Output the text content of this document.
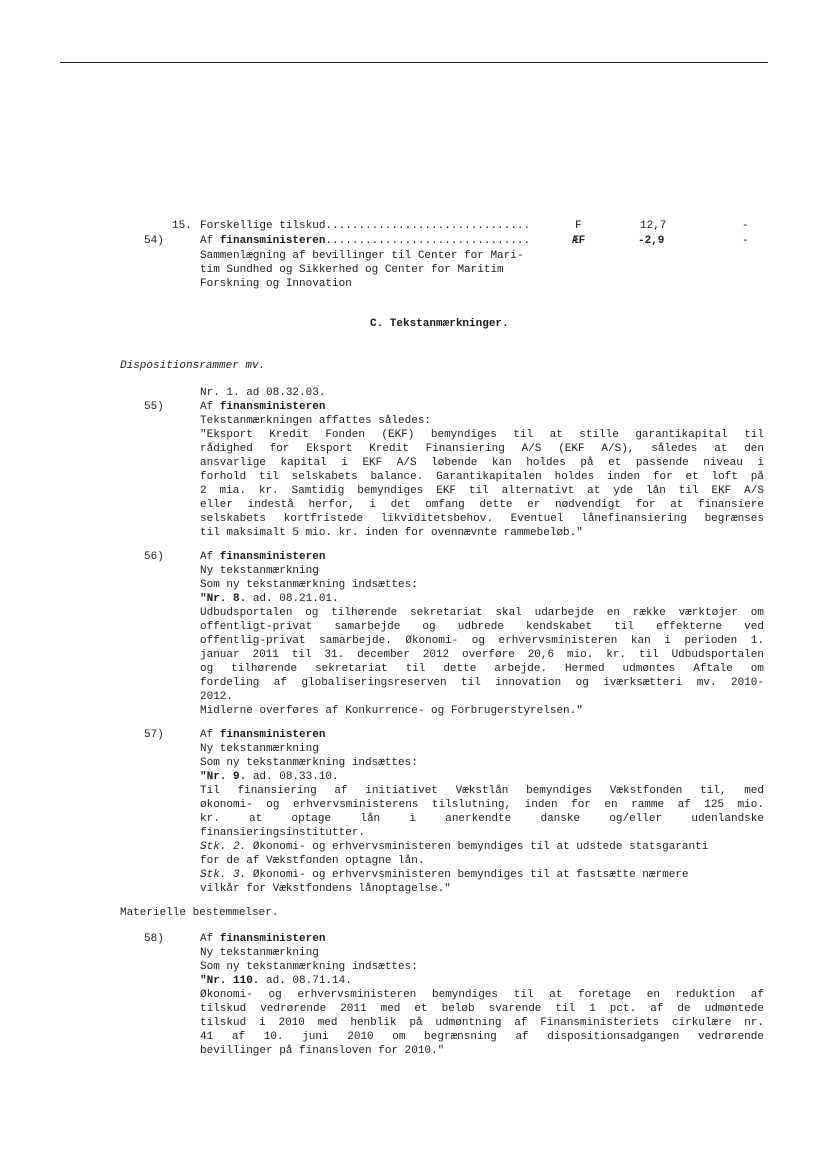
15. Forskellige tilskud...............................	F	12,7	-
54)	Af finansministeren...............................	ÆF	-2,9	-
Sammenlægning af bevillinger til Center for Mari-
tim Sundhed og Sikkerhed og Center for Maritim
Forskning og Innovation
C. Tekstanmærkninger.
Dispositionsrammer mv.
Nr. 1. ad 08.32.03.
55)	Af finansministeren
Tekstanmærkningen affattes således:
"Eksport Kredit Fonden (EKF) bemyndiges til at stille garantikapital til
rådighed for Eksport Kredit Finansiering A/S (EKF A/S), således at den
ansvarlige kapital i EKF A/S løbende kan holdes på et passende niveau i
forhold til selskabets balance. Garantikapitalen holdes inden for et loft på
2 mia. kr. Samtidig bemyndiges EKF til alternativt at yde lån til EKF A/S
eller indestå herfor, i det omfang dette er nødvendigt for at finansiere
selskabets kortfristede likviditetsbehov. Eventuel lånefinansiering begrænses
til maksimalt 5 mio. kr. inden for ovennævnte rammebeløb."
56)	Af finansministeren
Ny tekstanmærkning
Som ny tekstanmærkning indsættes:
"Nr. 8. ad. 08.21.01.
Udbudsportalen og tilhørende sekretariat skal udarbejde en række værktøjer om
offentligt-privat samarbejde og udbrede kendskabet til effekterne ved
offentlig-privat samarbejde. Økonomi- og erhvervsministeren kan i perioden 1.
januar 2011 til 31. december 2012 overføre 20,6 mio. kr. til Udbudsportalen
og tilhørende sekretariat til dette arbejde. Hermed udmøntes Aftale om
fordeling af globaliseringsreserven til innovation og iværksætteri mv. 2010-
2012.
Midlerne overføres af Konkurrence- og Forbrugerstyrelsen."
57)	Af finansministeren
Ny tekstanmærkning
Som ny tekstanmærkning indsættes:
"Nr. 9. ad. 08.33.10.
Til finansiering af initiativet Vækstlån bemyndiges Vækstfonden til, med
økonomi- og erhvervsministerens tilslutning, inden for en ramme af 125 mio.
kr. at optage lån i anerkendte danske og/eller udenlandske
finansieringsinstitutter.
Stk. 2. Økonomi- og erhvervsministeren bemyndiges til at udstede statsgaranti
for de af Vækstfonden optagne lån.
Stk. 3. Økonomi- og erhvervsministeren bemyndiges til at fastsætte nærmere
vilkår for Vækstfondens lånoptagelse."
Materielle bestemmelser.
58)	Af finansministeren
Ny tekstanmærkning
Som ny tekstanmærkning indsættes:
"Nr. 110. ad. 08.71.14.
Økonomi- og erhvervsministeren bemyndiges til at foretage en reduktion af
tilskud vedrørende 2011 med et beløb svarende til 1 pct. af de udmøntede
tilskud i 2010 med henblik på udmøntning af Finansministeriets cirkulære nr.
41 af 10. juni 2010 om begrænsning af dispositionsadgangen vedrørende
bevillinger på finansloven for 2010."
